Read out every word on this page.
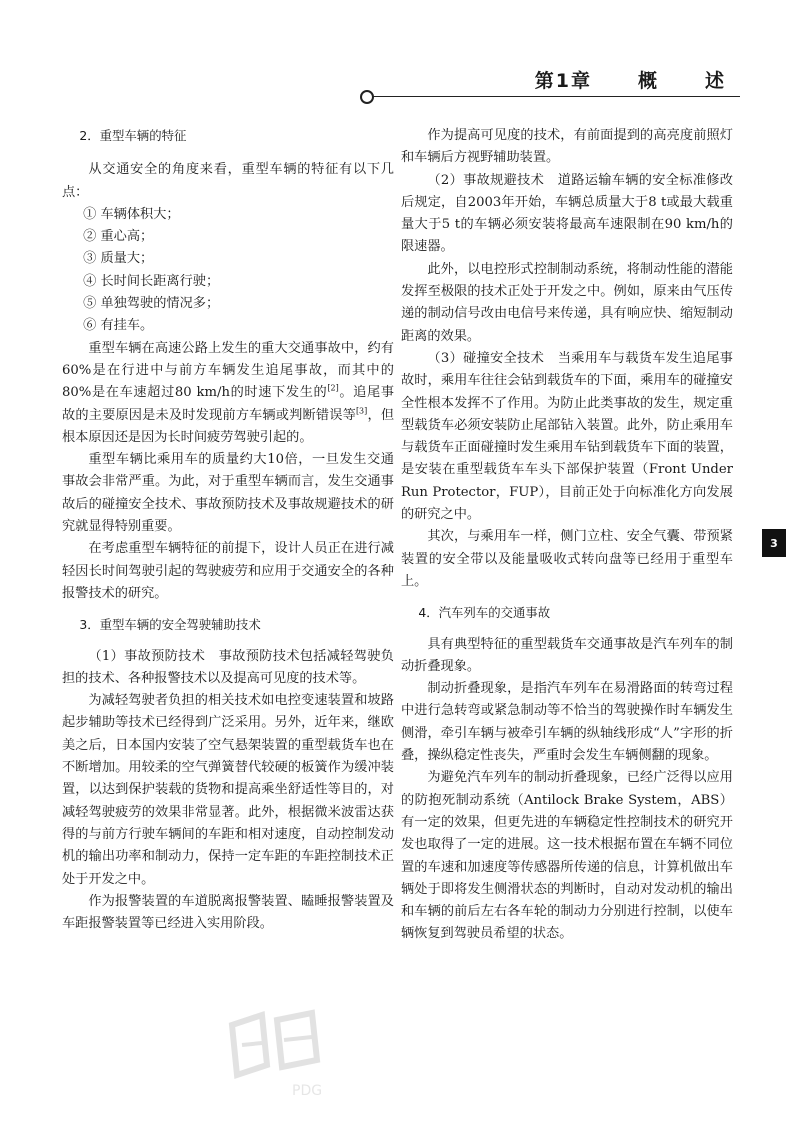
第1章 概 述
2．重型车辆的特征

从交通安全的角度来看，重型车辆的特征有以下几点：

① 车辆体积大；

② 重心高；

③ 质量大；

④ 长时间长距离行驶；

⑤ 单独驾驶的情况多；

⑥ 有挂车。

重型车辆在高速公路上发生的重大交通事故中，约有60%是在行进中与前方车辆发生追尾事故，而其中的80%是在车速超过80 km/h的时速下发生的[2]。追尾事故的主要原因是未及时发现前方车辆或判断错误等[3]，但根本原因还是因为长时间疲劳驾驶引起的。

重型车辆比乘用车的质量约大10倍，一旦发生交通事故会非常严重。为此，对于重型车辆而言，发生交通事故后的碰撞安全技术、事故预防技术及事故规避技术的研究就显得特别重要。

在考虑重型车辆特征的前提下，设计人员正在进行减轻因长时间驾驶引起的驾驶疲劳和应用于交通安全的各种报警技术的研究。

3．重型车辆的安全驾驶辅助技术

（1）事故预防技术　事故预防技术包括减轻驾驶负担的技术、各种报警技术以及提高可见度的技术等。

为减轻驾驶者负担的相关技术如电控变速装置和坡路起步辅助等技术已经得到广泛采用。另外，近年来，继欧美之后，日本国内安装了空气悬架装置的重型载货车也在不断增加。用较柔的空气弹簧替代较硬的板簧作为缓冲装置，以达到保护装载的货物和提高乘坐舒适性等目的，对减轻驾驶疲劳的效果非常显著。此外，根据微米波雷达获得的与前方行驶车辆间的车距和相对速度，自动控制发动机的输出功率和制动力，保持一定车距的车距控制技术正处于开发之中。

作为报警装置的车道脱离报警装置、瞌睡报警装置及车距报警装置等已经进入实用阶段。

作为提高可见度的技术，有前面提到的高亮度前照灯和车辆后方视野辅助装置。

（2）事故规避技术　道路运输车辆的安全标准修改后规定，自2003年开始，车辆总质量大于8 t或最大载重量大于5 t的车辆必须安装将最高车速限制在90 km/h的限速器。

此外，以电控形式控制制动系统，将制动性能的潜能发挥至极限的技术正处于开发之中。例如，原来由气压传递的制动信号改由电信号来传递，具有响应快、缩短制动距离的效果。

（3）碰撞安全技术　当乘用车与载货车发生追尾事故时，乘用车往往会钻到载货车的下面，乘用车的碰撞安全性根本发挥不了作用。为防止此类事故的发生，规定重型载货车必须安装防止尾部钻入装置。此外，防止乘用车与载货车正面碰撞时发生乘用车钻到载货车下面的装置，是安装在重型载货车车头下部保护装置（Front Under Run Protector，FUP），目前正处于向标准化方向发展的研究之中。

其次，与乘用车一样，侧门立柱、安全气囊、带预紧装置的安全带以及能量吸收式转向盘等已经用于重型车上。

4．汽车列车的交通事故

具有典型特征的重型载货车交通事故是汽车列车的制动折叠现象。

制动折叠现象，是指汽车列车在易滑路面的转弯过程中进行急转弯或紧急制动等不恰当的驾驶操作时车辆发生侧滑，牵引车辆与被牵引车辆的纵轴线形成“人”字形的折叠，操纵稳定性丧失，严重时会发生车辆侧翻的现象。

为避免汽车列车的制动折叠现象，已经广泛得以应用的防抱死制动系统（Antilock Brake System，ABS）有一定的效果，但更先进的车辆稳定性控制技术的研究开发也取得了一定的进展。这一技术根据布置在车辆不同位置的车速和加速度等传感器所传递的信息，计算机做出车辆处于即将发生侧滑状态的判断时，自动对发动机的输出和车辆的前后左右各车轮的制动力分别进行控制，以使车辆恢复到驾驶员希望的状态。

3
PDG
